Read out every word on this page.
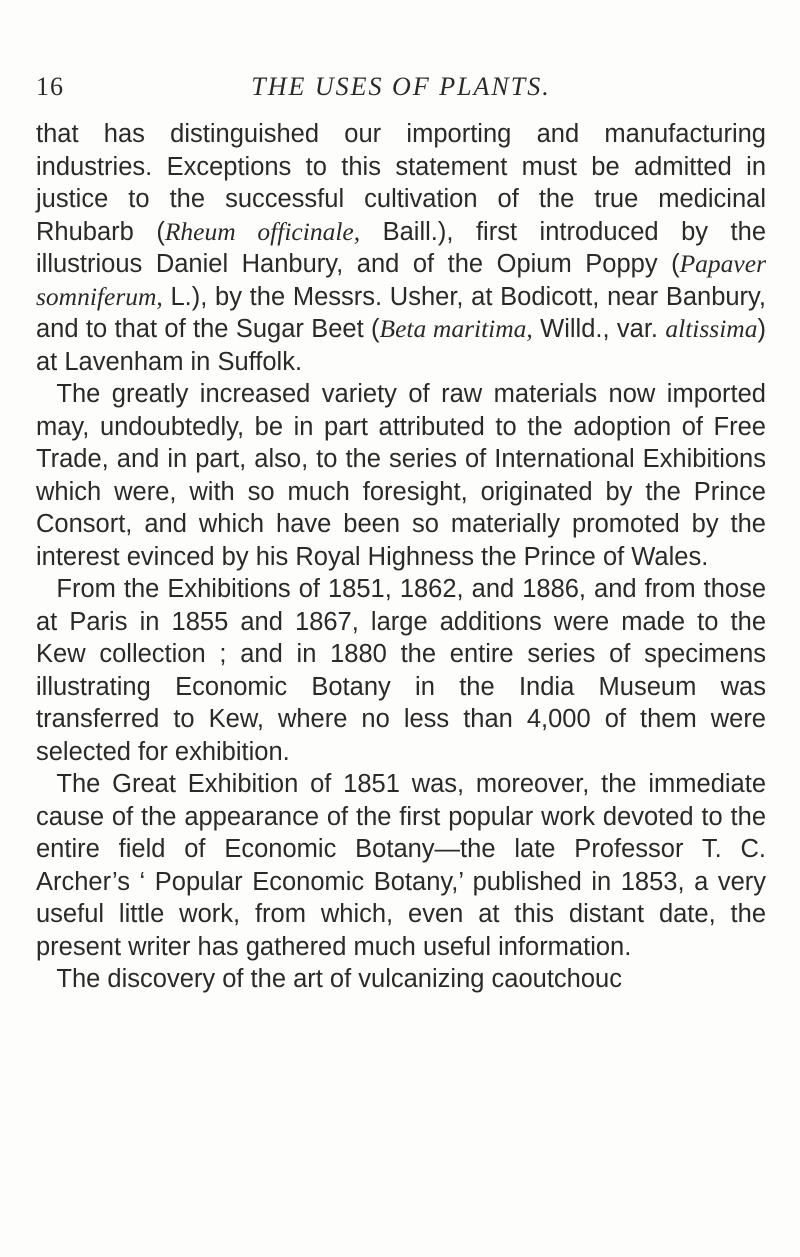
16	THE USES OF PLANTS.

that has distinguished our importing and manufacturing industries. Exceptions to this statement must be admitted in justice to the successful cultivation of the true medicinal Rhubarb (Rheum officinale, Baill.), first introduced by the illustrious Daniel Hanbury, and of the Opium Poppy (Papaver somniferum, L.), by the Messrs. Usher, at Bodicott, near Banbury, and to that of the Sugar Beet (Beta maritima, Willd., var. altissima) at Lavenham in Suffolk.

The greatly increased variety of raw materials now imported may, undoubtedly, be in part attributed to the adoption of Free Trade, and in part, also, to the series of International Exhibitions which were, with so much foresight, originated by the Prince Consort, and which have been so materially promoted by the interest evinced by his Royal Highness the Prince of Wales.

From the Exhibitions of 1851, 1862, and 1886, and from those at Paris in 1855 and 1867, large additions were made to the Kew collection ; and in 1880 the entire series of specimens illustrating Economic Botany in the India Museum was transferred to Kew, where no less than 4,000 of them were selected for exhibition.

The Great Exhibition of 1851 was, moreover, the immediate cause of the appearance of the first popular work devoted to the entire field of Economic Botany—the late Professor T. C. Archer’s ‘ Popular Economic Botany,’ published in 1853, a very useful little work, from which, even at this distant date, the present writer has gathered much useful information.

The discovery of the art of vulcanizing caoutchouc
